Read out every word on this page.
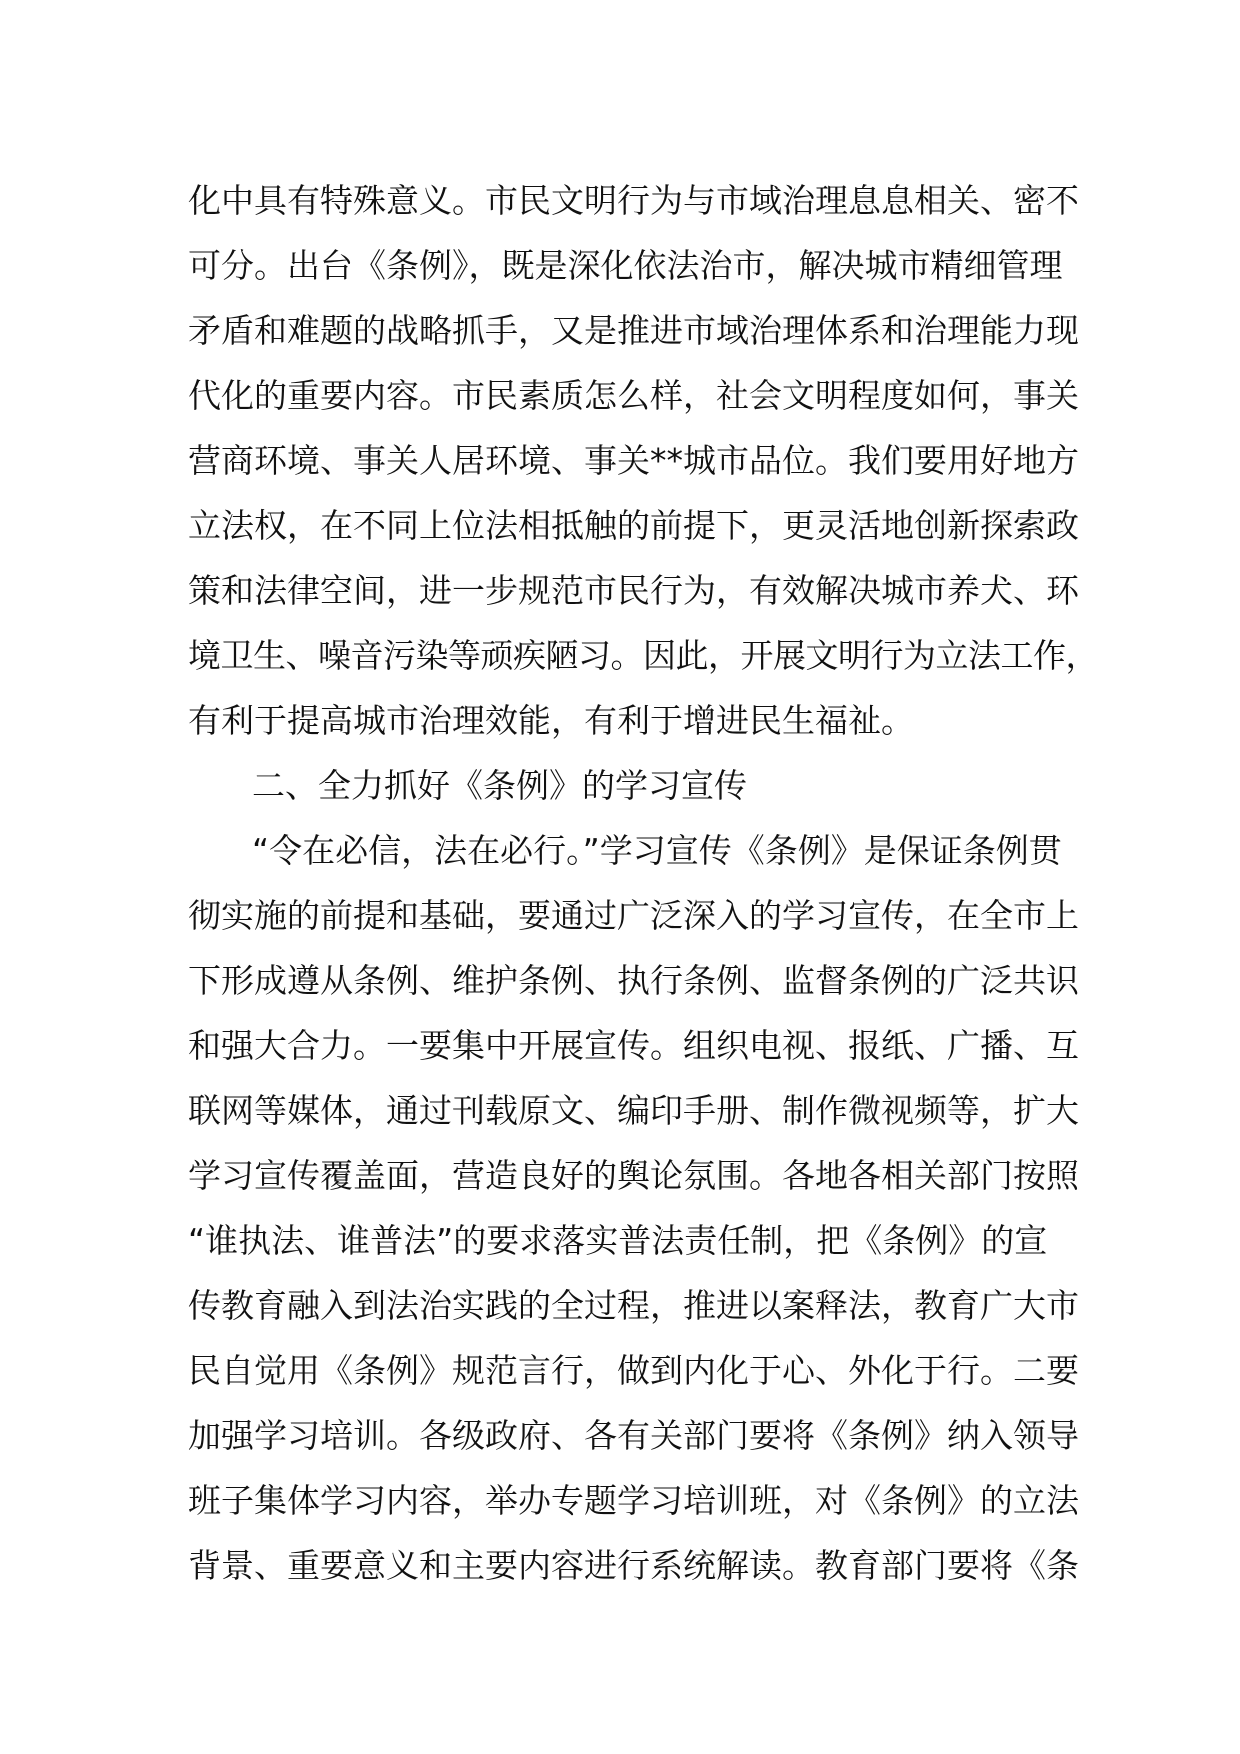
化中具有特殊意义。市民文明行为与市域治理息息相关、密不
可分。出台《条例》，既是深化依法治市，解决城市精细管理
矛盾和难题的战略抓手，又是推进市域治理体系和治理能力现
代化的重要内容。市民素质怎么样，社会文明程度如何，事关
营商环境、事关人居环境、事关**城市品位。我们要用好地方
立法权，在不同上位法相抵触的前提下，更灵活地创新探索政
策和法律空间，进一步规范市民行为，有效解决城市养犬、环
境卫生、噪音污染等顽疾陋习。因此，开展文明行为立法工作，
有利于提高城市治理效能，有利于增进民生福祉。
二、全力抓好《条例》的学习宣传
“令在必信，法在必行。”学习宣传《条例》是保证条例贯
彻实施的前提和基础，要通过广泛深入的学习宣传，在全市上
下形成遵从条例、维护条例、执行条例、监督条例的广泛共识
和强大合力。一要集中开展宣传。组织电视、报纸、广播、互
联网等媒体，通过刊载原文、编印手册、制作微视频等，扩大
学习宣传覆盖面，营造良好的舆论氛围。各地各相关部门按照
“谁执法、谁普法”的要求落实普法责任制，把《条例》的宣
传教育融入到法治实践的全过程，推进以案释法，教育广大市
民自觉用《条例》规范言行，做到内化于心、外化于行。二要
加强学习培训。各级政府、各有关部门要将《条例》纳入领导
班子集体学习内容，举办专题学习培训班，对《条例》的立法
背景、重要意义和主要内容进行系统解读。教育部门要将《条
